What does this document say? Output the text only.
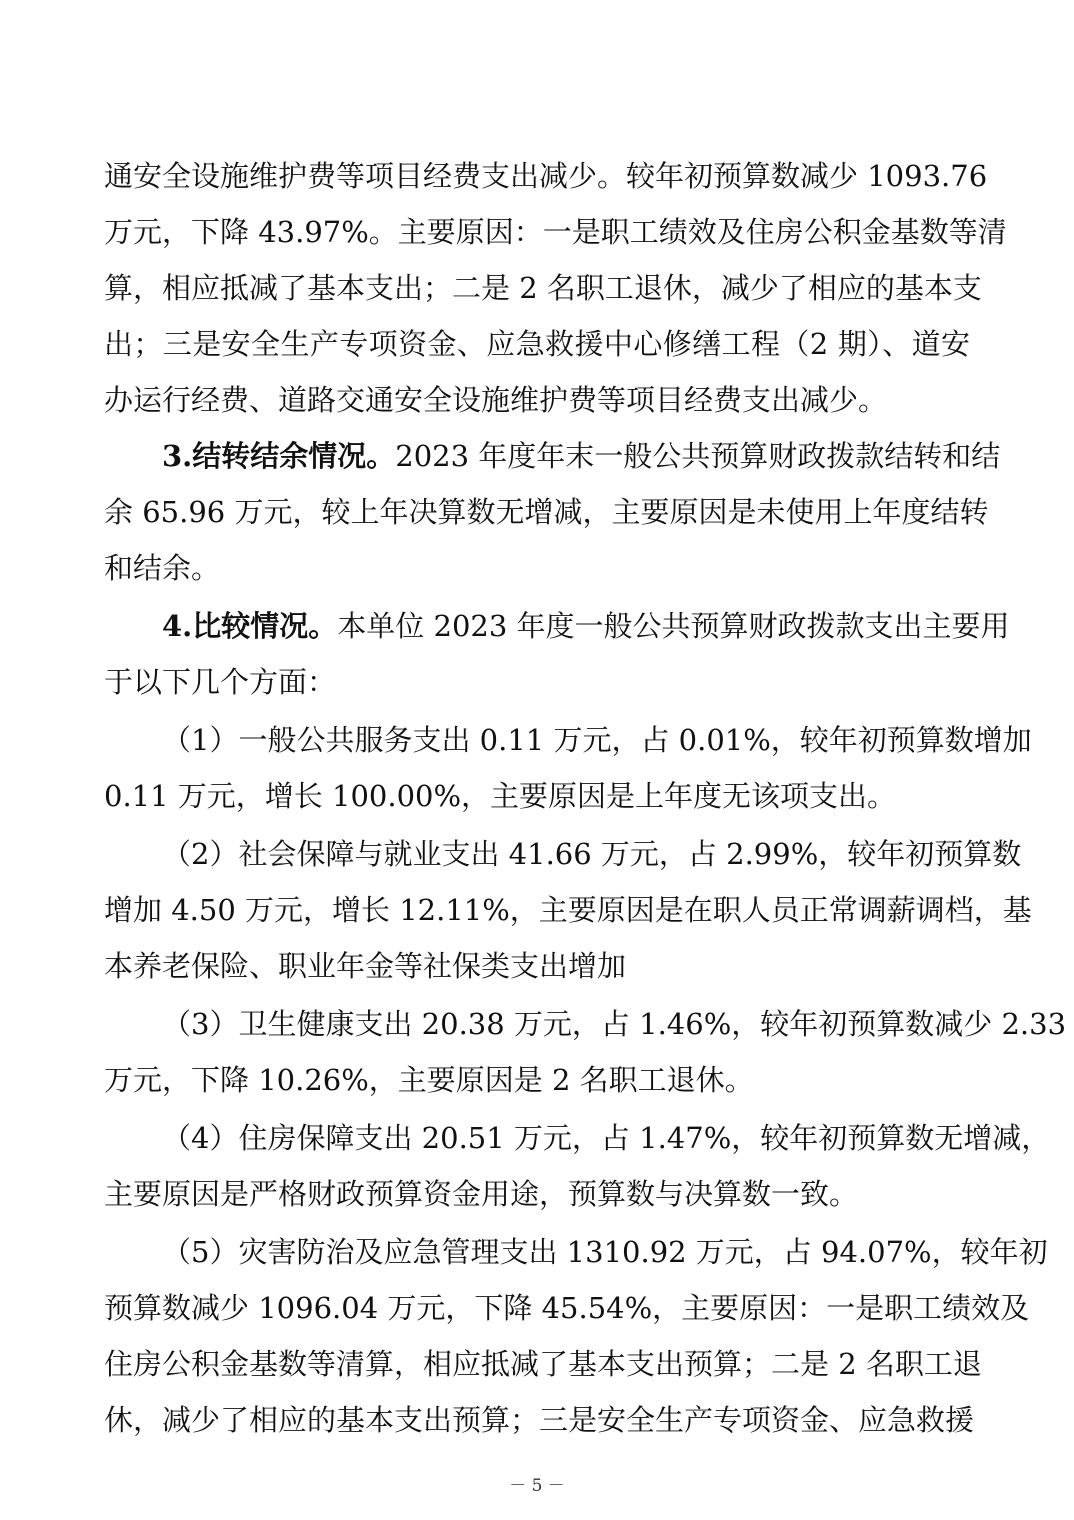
通安全设施维护费等项目经费支出减少。较年初预算数减少 1093.76
万元，下降 43.97%。主要原因：一是职工绩效及住房公积金基数等清
算，相应抵减了基本支出；二是 2 名职工退休，减少了相应的基本支
出；三是安全生产专项资金、应急救援中心修缮工程（2 期）、道安
办运行经费、道路交通安全设施维护费等项目经费支出减少。
3.结转结余情况。2023 年度年末一般公共预算财政拨款结转和结
余 65.96 万元，较上年决算数无增减，主要原因是未使用上年度结转
和结余。
4.比较情况。本单位 2023 年度一般公共预算财政拨款支出主要用
于以下几个方面：
（1）一般公共服务支出 0.11 万元，占 0.01%，较年初预算数增加
0.11 万元，增长 100.00%，主要原因是上年度无该项支出。
（2）社会保障与就业支出 41.66 万元，占 2.99%，较年初预算数
增加 4.50 万元，增长 12.11%，主要原因是在职人员正常调薪调档，基
本养老保险、职业年金等社保类支出增加
（3）卫生健康支出 20.38 万元，占 1.46%，较年初预算数减少 2.33
万元，下降 10.26%，主要原因是 2 名职工退休。
（4）住房保障支出 20.51 万元，占 1.47%，较年初预算数无增减，
主要原因是严格财政预算资金用途，预算数与决算数一致。
（5）灾害防治及应急管理支出 1310.92 万元，占 94.07%，较年初
预算数减少 1096.04 万元，下降 45.54%，主要原因：一是职工绩效及
住房公积金基数等清算，相应抵减了基本支出预算；二是 2 名职工退
－ 5 －
休，减少了相应的基本支出预算；三是安全生产专项资金、应急救援
